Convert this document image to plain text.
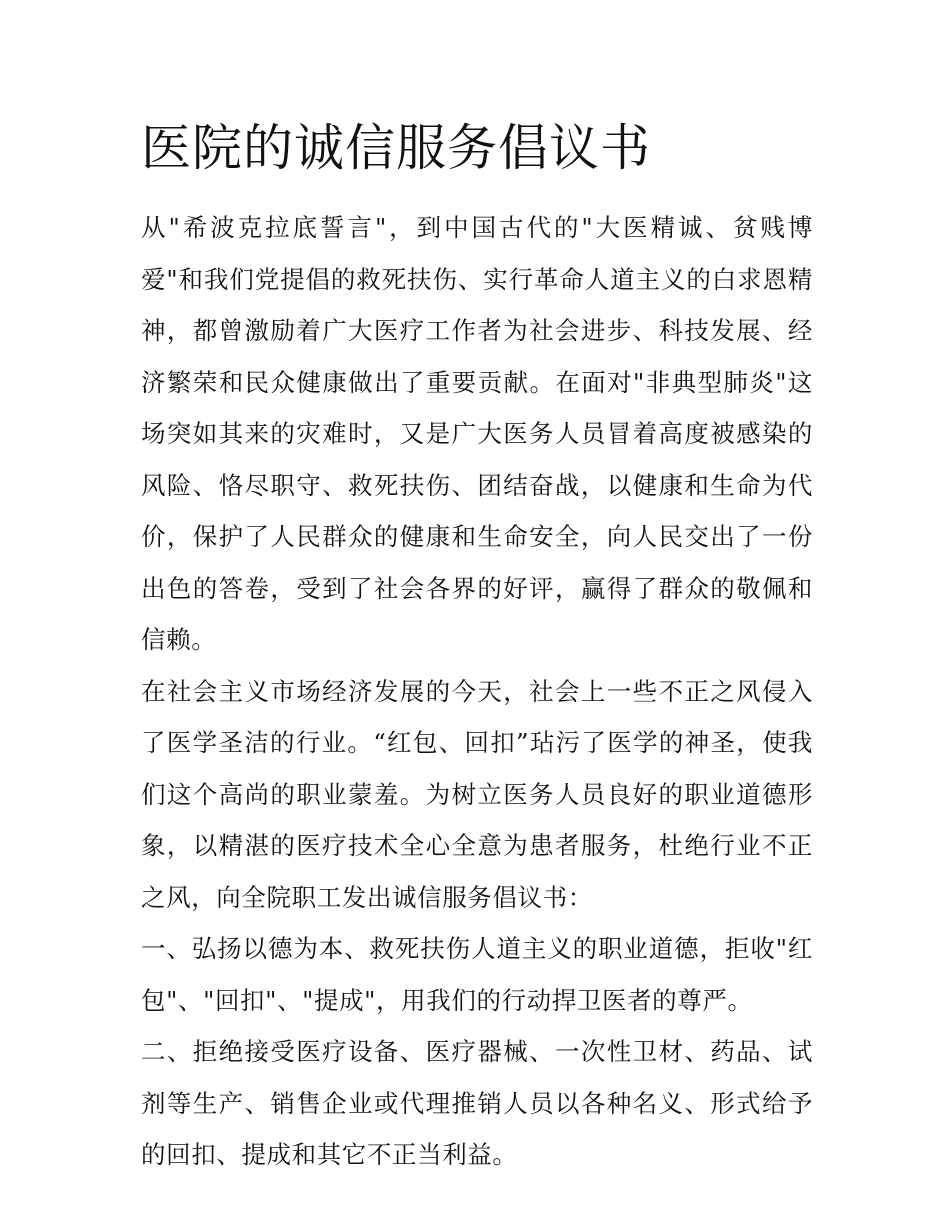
医院的诚信服务倡议书

从"希波克拉底誓言"，到中国古代的"大医精诚、贫贱博爱"和我们党提倡的救死扶伤、实行革命人道主义的白求恩精神，都曾激励着广大医疗工作者为社会进步、科技发展、经济繁荣和民众健康做出了重要贡献。在面对"非典型肺炎"这场突如其来的灾难时，又是广大医务人员冒着高度被感染的风险、恪尽职守、救死扶伤、团结奋战，以健康和生命为代价，保护了人民群众的健康和生命安全，向人民交出了一份出色的答卷，受到了社会各界的好评，赢得了群众的敬佩和信赖。

在社会主义市场经济发展的今天，社会上一些不正之风侵入了医学圣洁的行业。“红包、回扣”玷污了医学的神圣，使我们这个高尚的职业蒙羞。为树立医务人员良好的职业道德形象，以精湛的医疗技术全心全意为患者服务，杜绝行业不正之风，向全院职工发出诚信服务倡议书：

一、弘扬以德为本、救死扶伤人道主义的职业道德，拒收"红包"、"回扣"、"提成"，用我们的行动捍卫医者的尊严。

二、拒绝接受医疗设备、医疗器械、一次性卫材、药品、试剂等生产、销售企业或代理推销人员以各种名义、形式给予的回扣、提成和其它不正当利益。
